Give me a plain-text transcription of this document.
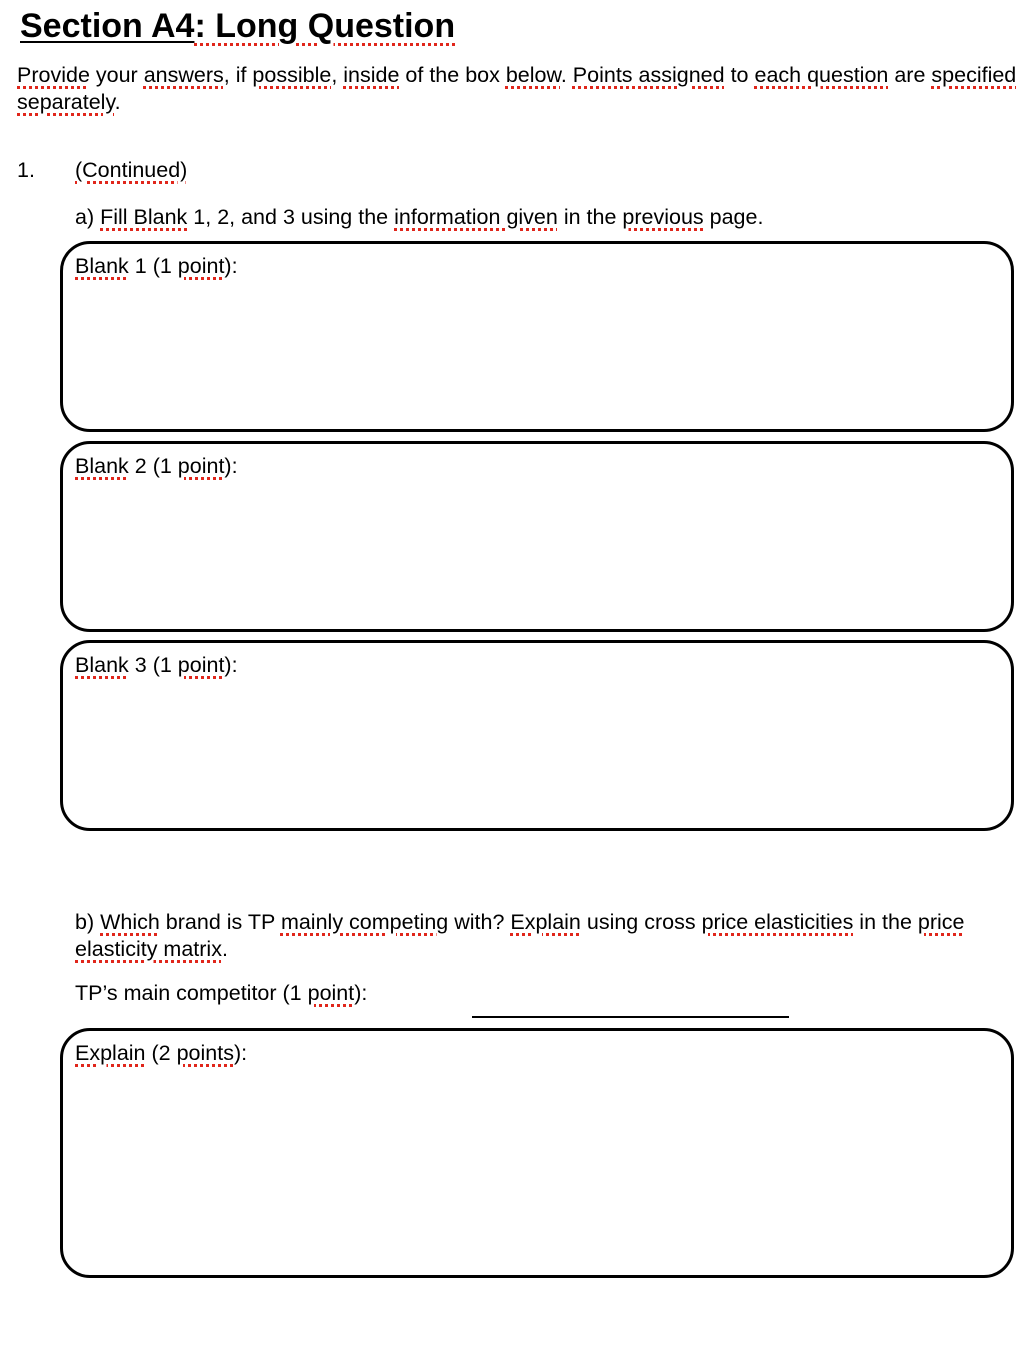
Section A4: Long Question
Provide your answers, if possible, inside of the box below. Points assigned to each question are specified separately.
1. (Continued)
a) Fill Blank 1, 2, and 3 using the information given in the previous page.
Blank 1 (1 point):
Blank 2 (1 point):
Blank 3 (1 point):
b) Which brand is TP mainly competing with? Explain using cross price elasticities in the price elasticity matrix.
TP’s main competitor (1 point):
Explain (2 points):
